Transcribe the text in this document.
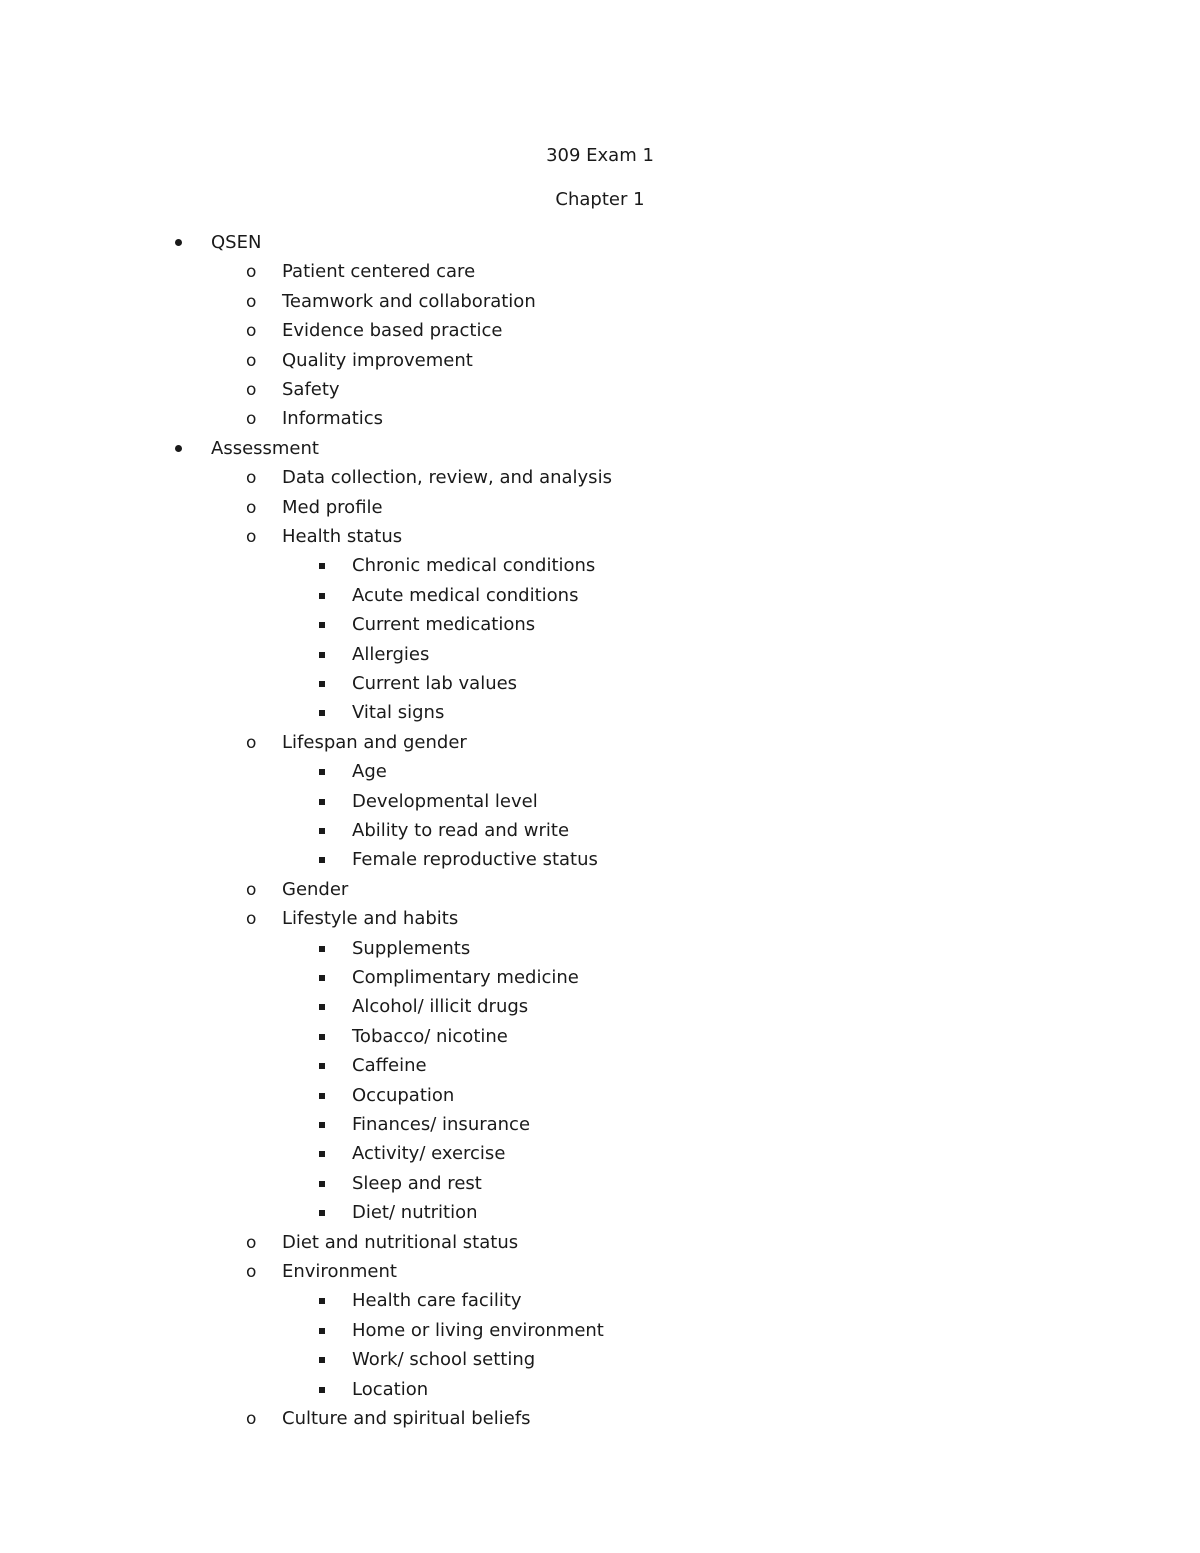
309 Exam 1
Chapter 1
QSEN
o	Patient centered care
o	Teamwork and collaboration
o	Evidence based practice
o	Quality improvement
o	Safety
o	Informatics
Assessment
o	Data collection, review, and analysis
o	Med profile
o	Health status
Chronic medical conditions
Acute medical conditions
Current medications
Allergies
Current lab values
Vital signs
o	Lifespan and gender
Age
Developmental level
Ability to read and write
Female reproductive status
o	Gender
o	Lifestyle and habits
Supplements
Complimentary medicine
Alcohol/ illicit drugs
Tobacco/ nicotine
Caffeine
Occupation
Finances/ insurance
Activity/ exercise
Sleep and rest
Diet/ nutrition
o	Diet and nutritional status
o	Environment
Health care facility
Home or living environment
Work/ school setting
Location
o	Culture and spiritual beliefs
